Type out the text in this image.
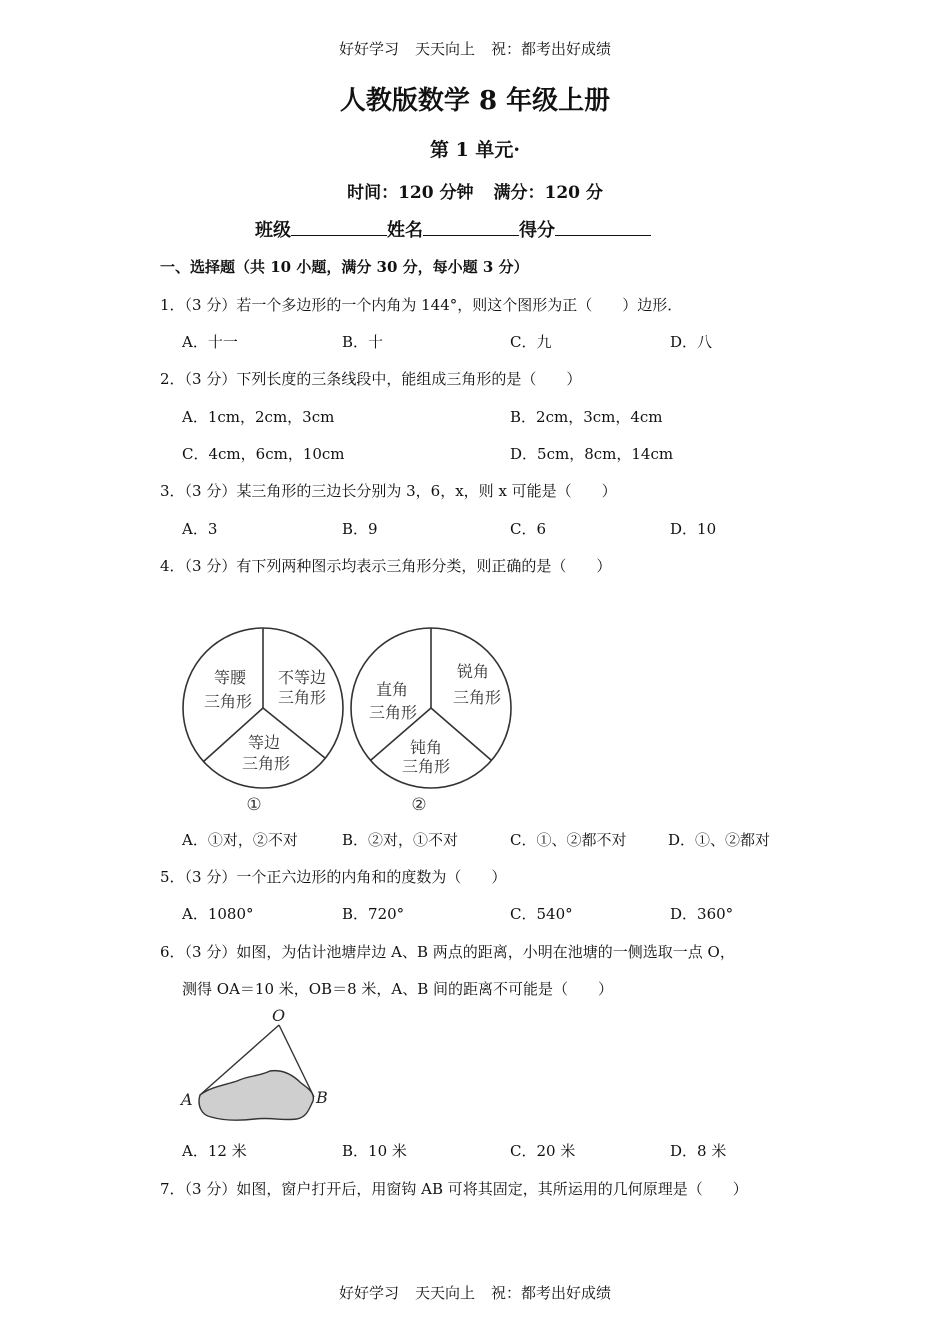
好好学习 天天向上 祝：都考出好成绩
人教版数学 8 年级上册
第 1 单元·
时间：120 分钟 满分：120 分
班级	姓名	得分
一、选择题（共 10 小题，满分 30 分，每小题 3 分）
1．（3 分）若一个多边形的一个内角为 144°，则这个图形为正（　　）边形．
A．十一	B．十	C．九	D．八
2．（3 分）下列长度的三条线段中，能组成三角形的是（　　）
A．1cm，2cm，3cm	B．2cm，3cm，4cm
C．4cm，6cm，10cm	D．5cm，8cm，14cm
3．（3 分）某三角形的三边长分别为 3，6，x，则 x 可能是（　　）
A．3	B．9	C．6	D．10
4．（3 分）有下列两种图示均表示三角形分类，则正确的是（　　）
等腰
三角形
不等边
三角形
等边
三角形
①
直角
三角形
锐角
三角形
钝角
三角形
②
A．①对，②不对	B．②对，①不对	C．①、②都不对	D．①、②都对
5．（3 分）一个正六边形的内角和的度数为（　　）
A．1080°	B．720°	C．540°	D．360°
6．（3 分）如图，为估计池塘岸边 A、B 两点的距离，小明在池塘的一侧选取一点 O，
测得 OA＝10 米，OB＝8 米，A、B 间的距离不可能是（　　）
O
A	B
A．12 米	B．10 米	C．20 米	D．8 米
7．（3 分）如图，窗户打开后，用窗钩 AB 可将其固定，其所运用的几何原理是（　　）
好好学习 天天向上 祝：都考出好成绩
